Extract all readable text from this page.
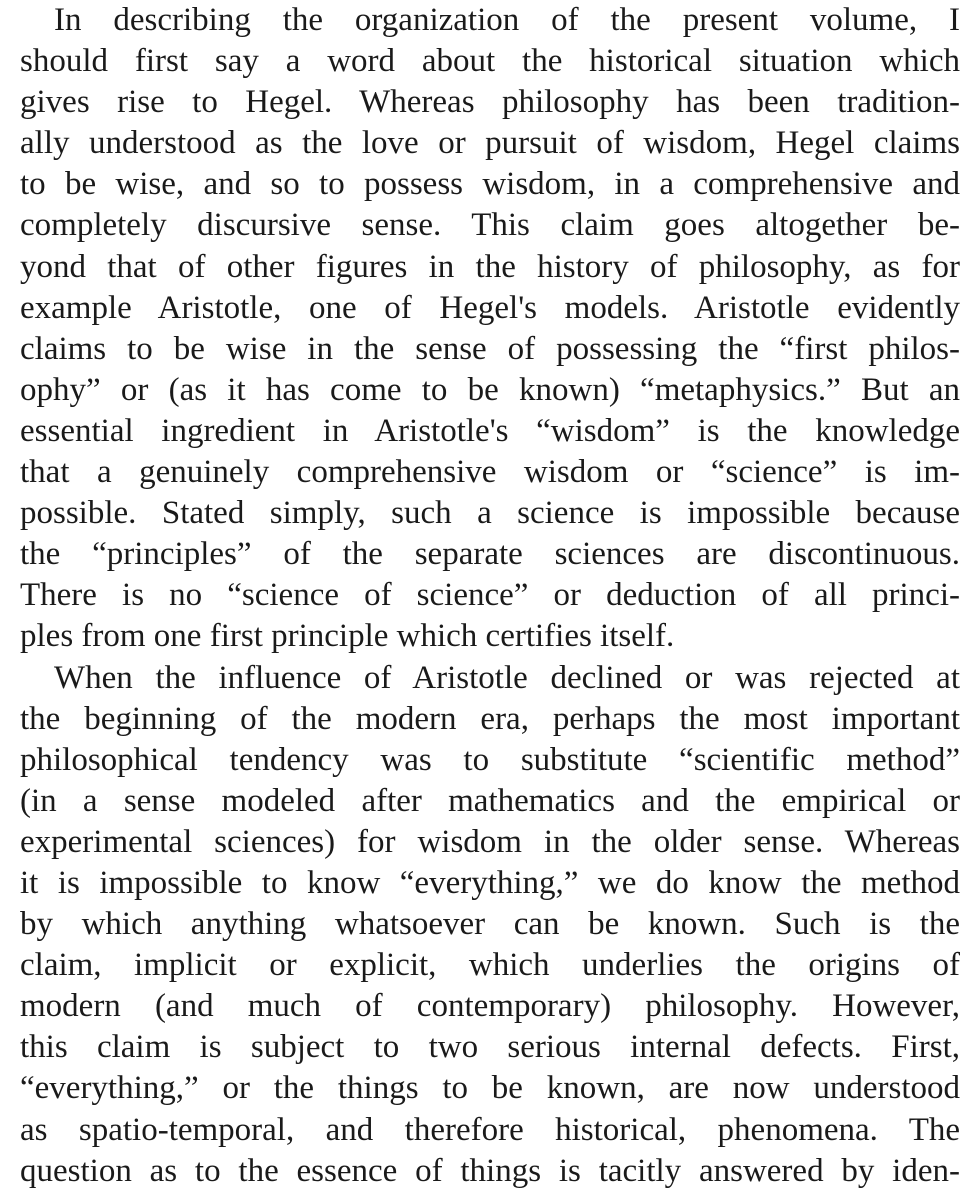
In describing the organization of the present volume, I
should first say a word about the historical situation which
gives rise to Hegel. Whereas philosophy has been tradition-
ally understood as the love or pursuit of wisdom, Hegel claims
to be wise, and so to possess wisdom, in a comprehensive and
completely discursive sense. This claim goes altogether be-
yond that of other figures in the history of philosophy, as for
example Aristotle, one of Hegel's models. Aristotle evidently
claims to be wise in the sense of possessing the “first philos-
ophy” or (as it has come to be known) “metaphysics.” But an
essential ingredient in Aristotle's “wisdom” is the knowledge
that a genuinely comprehensive wisdom or “science” is im-
possible. Stated simply, such a science is impossible because
the “principles” of the separate sciences are discontinuous.
There is no “science of science” or deduction of all princi-
ples from one first principle which certifies itself.
When the influence of Aristotle declined or was rejected at
the beginning of the modern era, perhaps the most important
philosophical tendency was to substitute “scientific method”
(in a sense modeled after mathematics and the empirical or
experimental sciences) for wisdom in the older sense. Whereas
it is impossible to know “everything,” we do know the method
by which anything whatsoever can be known. Such is the
claim, implicit or explicit, which underlies the origins of
modern (and much of contemporary) philosophy. However,
this claim is subject to two serious internal defects. First,
“everything,” or the things to be known, are now understood
as spatio-temporal, and therefore historical, phenomena. The
question as to the essence of things is tacitly answered by iden-
